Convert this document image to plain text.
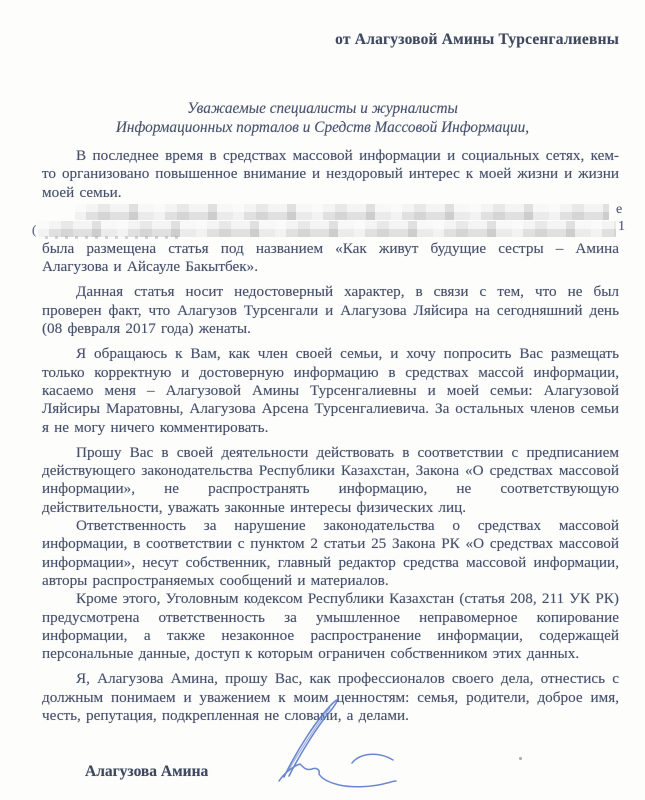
от Алагузовой Амины Турсенгалиевны
Уважаемые специалисты и журналисты
Информационных порталов и Средств Массовой Информации,

В последнее время в средствах массовой информации и социальных сетях, кем-то организовано повышенное внимание и нездоровый интерес к моей жизни и жизни моей семьи.

е
1
(

была размещена статья под названием «Как живут будущие сестры – Амина Алагузова и Айсауле Бакытбек».

Данная статья носит недостоверный характер, в связи с тем, что не был проверен факт, что Алагузов Турсенгали и Алагузова Ляйсира на сегодняшний день (08 февраля 2017 года) женаты.

Я обращаюсь к Вам, как член своей семьи, и хочу попросить Вас размещать только корректную и достоверную информацию в средствах массой информации, касаемо меня – Алагузовой Амины Турсенгалиевны и моей семьи: Алагузовой Ляйсиры Маратовны, Алагузова Арсена Турсенгалиевича. За остальных членов семьи я не могу ничего комментировать.

Прошу Вас в своей деятельности действовать в соответствии с предписанием действующего законодательства Республики Казахстан, Закона «О средствах массовой информации», не распространять информацию, не соответствующую действительности, уважать законные интересы физических лиц.

Ответственность за нарушение законодательства о средствах массовой информации, в соответствии с пунктом 2 статьи 25 Закона РК «О средствах массовой информации», несут собственник, главный редактор средства массовой информации, авторы распространяемых сообщений и материалов.

Кроме этого, Уголовным кодексом Республики Казахстан (статья 208, 211 УК РК) предусмотрена ответственность за умышленное неправомерное копирование информации, а также незаконное распространение информации, содержащей персональные данные, доступ к которым ограничен собственником этих данных.

Я, Алагузова Амина, прошу Вас, как профессионалов своего дела, отнестись с должным понимаем и уважением к моим ценностям: семья, родители, доброе имя, честь, репутация, подкрепленная не словами, а делами.

Алагузова Амина
